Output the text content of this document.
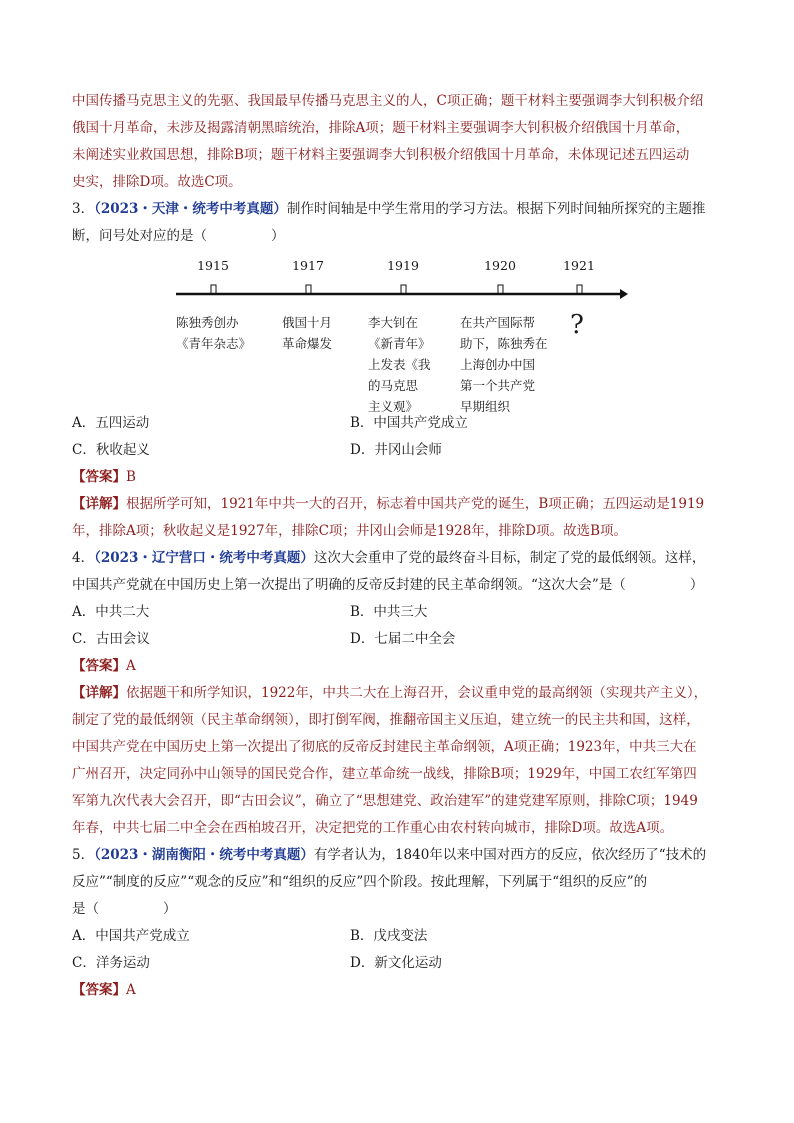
中国传播马克思主义的先驱、我国最早传播马克思主义的人，C项正确；题干材料主要强调李大钊积极介绍

俄国十月革命，未涉及揭露清朝黑暗统治，排除A项；题干材料主要强调李大钊积极介绍俄国十月革命，

未阐述实业救国思想，排除B项；题干材料主要强调李大钊积极介绍俄国十月革命，未体现记述五四运动

史实，排除D项。故选C项。

3．（2023・天津・统考中考真题）制作时间轴是中学生常用的学习方法。根据下列时间轴所探究的主题推

断，问号处对应的是（	）

1915	1917	1919	1920	1921
陈独秀创办
《青年杂志》
俄国十月
革命爆发
李大钊在
《新青年》
上发表《我
的马克思
主义观》
在共产国际帮
助下，陈独秀在
上海创办中国
第一个共产党
早期组织
?
A．五四运动	B．中国共产党成立
C．秋收起义	D．井冈山会师

【答案】B

【详解】根据所学可知，1921年中共一大的召开，标志着中国共产党的诞生，B项正确；五四运动是1919
年，排除A项；秋收起义是1927年，排除C项；井冈山会师是1928年，排除D项。故选B项。

4．（2023・辽宁营口・统考中考真题）这次大会重申了党的最终奋斗目标，制定了党的最低纲领。这样，

中国共产党就在中国历史上第一次提出了明确的反帝反封建的民主革命纲领。“这次大会”是（	）

A．中共二大	B．中共三大
C．古田会议	D．七届二中全会

【答案】A

【详解】依据题干和所学知识，1922年，中共二大在上海召开，会议重申党的最高纲领（实现共产主义），
制定了党的最低纲领（民主革命纲领），即打倒军阀，推翻帝国主义压迫，建立统一的民主共和国，这样，
中国共产党在中国历史上第一次提出了彻底的反帝反封建民主革命纲领，A项正确；1923年，中共三大在
广州召开，决定同孙中山领导的国民党合作，建立革命统一战线，排除B项；1929年，中国工农红军第四
军第九次代表大会召开，即“古田会议”，确立了“思想建党、政治建军”的建党建军原则，排除C项；1949
年春，中共七届二中全会在西柏坡召开，决定把党的工作重心由农村转向城市，排除D项。故选A项。

5．（2023・湖南衡阳・统考中考真题）有学者认为，1840年以来中国对西方的反应，依次经历了“技术的

反应”“制度的反应”“观念的反应”和“组织的反应”四个阶段。按此理解，下列属于“组织的反应”的

是（	）

A．中国共产党成立	B．戊戌变法
C．洋务运动	D．新文化运动

【答案】A
